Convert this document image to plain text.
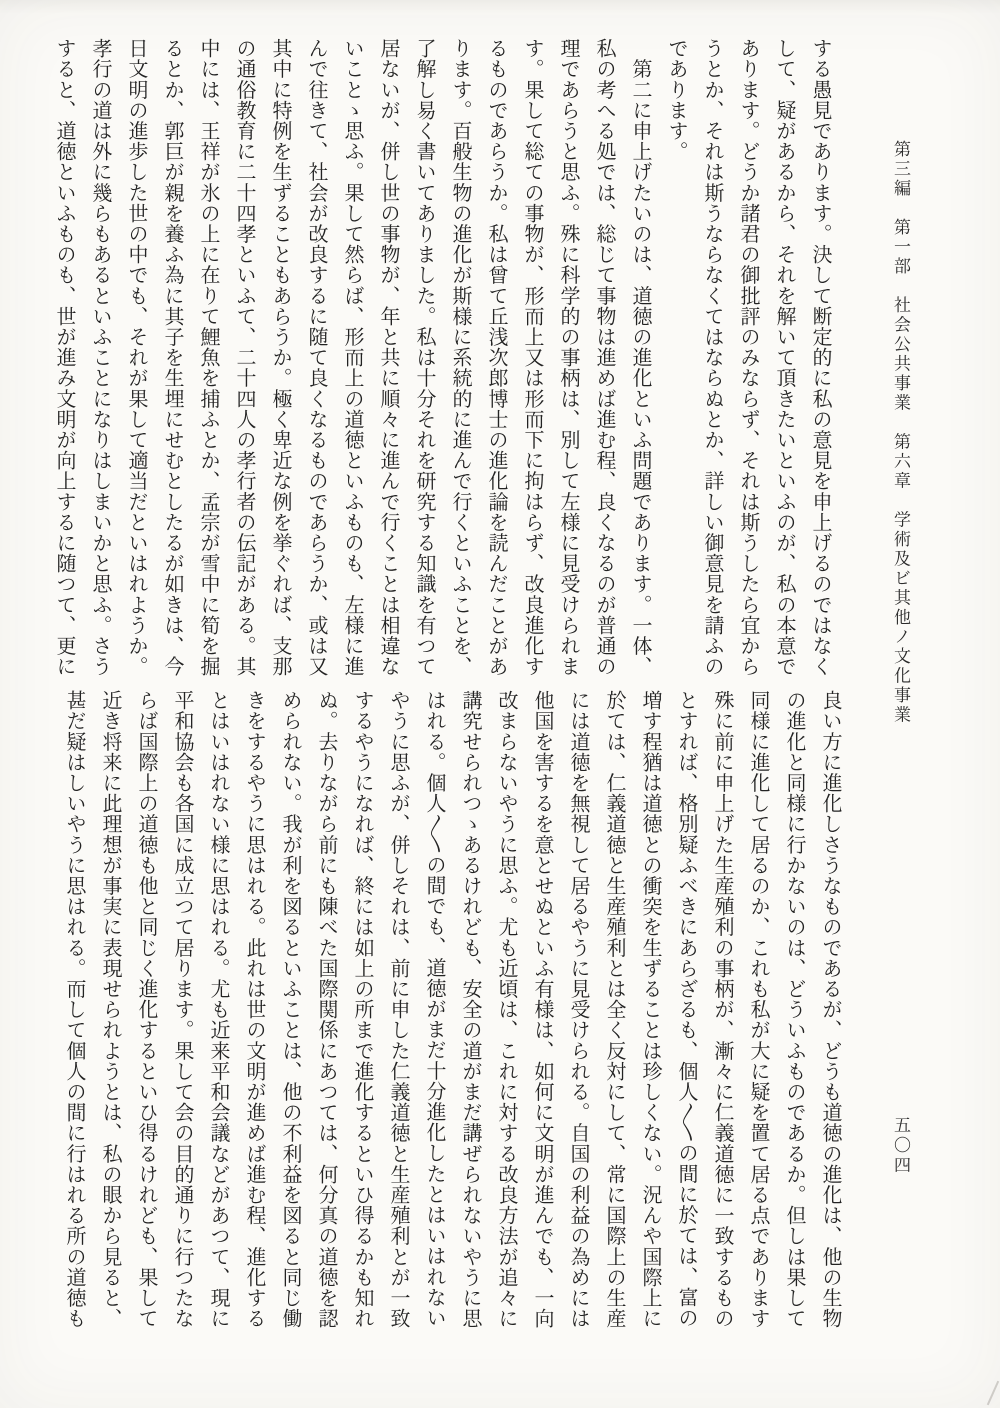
第三編　第一部　社会公共事業　第六章　学術及ビ其他ノ文化事業
する愚見であります。決して断定的に私の意見を申上げるのではなく
して、疑があるから、それを解いて頂きたいといふのが、私の本意で
あります。どうか諸君の御批評のみならず、それは斯うしたら宜から
うとか、それは斯うならなくてはならぬとか、詳しい御意見を請ふの
であります。
　第二に申上げたいのは、道徳の進化といふ問題であります。一体、
私の考へる処では、総じて事物は進めば進む程、良くなるのが普通の
理であらうと思ふ。殊に科学的の事柄は、別して左様に見受けられま
す。果して総ての事物が、形而上又は形而下に拘はらず、改良進化す
るものであらうか。私は曾て丘浅次郎博士の進化論を読んだことがあ
ります。百般生物の進化が斯様に系統的に進んで行くといふことを、
了解し易く書いてありました。私は十分それを研究する知識を有つて
居ないが、併し世の事物が、年と共に順々に進んで行くことは相違な
いことゝ思ふ。果して然らば、形而上の道徳といふものも、左様に進
んで往きて、社会が改良するに随て良くなるものであらうか、或は又
其中に特例を生ずることもあらうか。極く卑近な例を挙ぐれば、支那
の通俗教育に二十四孝といふて、二十四人の孝行者の伝記がある。其
中には、王祥が氷の上に在りて鯉魚を捕ふとか、孟宗が雪中に筍を掘
るとか、郭巨が親を養ふ為に其子を生埋にせむとしたるが如きは、今
日文明の進歩した世の中でも、それが果して適当だといはれようか。
孝行の道は外に幾らもあるといふことになりはしまいかと思ふ。さう
すると、道徳といふものも、世が進み文明が向上するに随つて、更に
五〇四
良い方に進化しさうなものであるが、どうも道徳の進化は、他の生物
の進化と同様に行かないのは、どういふものであるか。但しは果して
同様に進化して居るのか、これも私が大に疑を置て居る点であります
殊に前に申上げた生産殖利の事柄が、漸々に仁義道徳に一致するもの
とすれば、格別疑ふべきにあらざるも、個人〳〵の間に於ては、富の
増す程猶は道徳との衝突を生ずることは珍しくない。況んや国際上に
於ては、仁義道徳と生産殖利とは全く反対にして、常に国際上の生産
には道徳を無視して居るやうに見受けられる。自国の利益の為めには
他国を害するを意とせぬといふ有様は、如何に文明が進んでも、一向
改まらないやうに思ふ。尤も近頃は、これに対する改良方法が追々に
講究せられつゝあるけれども、安全の道がまだ講ぜられないやうに思
はれる。個人〳〵の間でも、道徳がまだ十分進化したとはいはれない
やうに思ふが、併しそれは、前に申した仁義道徳と生産殖利とが一致
するやうになれば、終には如上の所まで進化するといひ得るかも知れ
ぬ。去りながら前にも陳べた国際関係にあつては、何分真の道徳を認
められない。我が利を図るといふことは、他の不利益を図ると同じ働
きをするやうに思はれる。此れは世の文明が進めば進む程、進化する
とはいはれない様に思はれる。尤も近来平和会議などがあつて、現に
平和協会も各国に成立つて居ります。果して会の目的通りに行つたな
らば国際上の道徳も他と同じく進化するといひ得るけれども、果して
近き将来に此理想が事実に表現せられようとは、私の眼から見ると、
甚だ疑はしいやうに思はれる。而して個人の間に行はれる所の道徳も
